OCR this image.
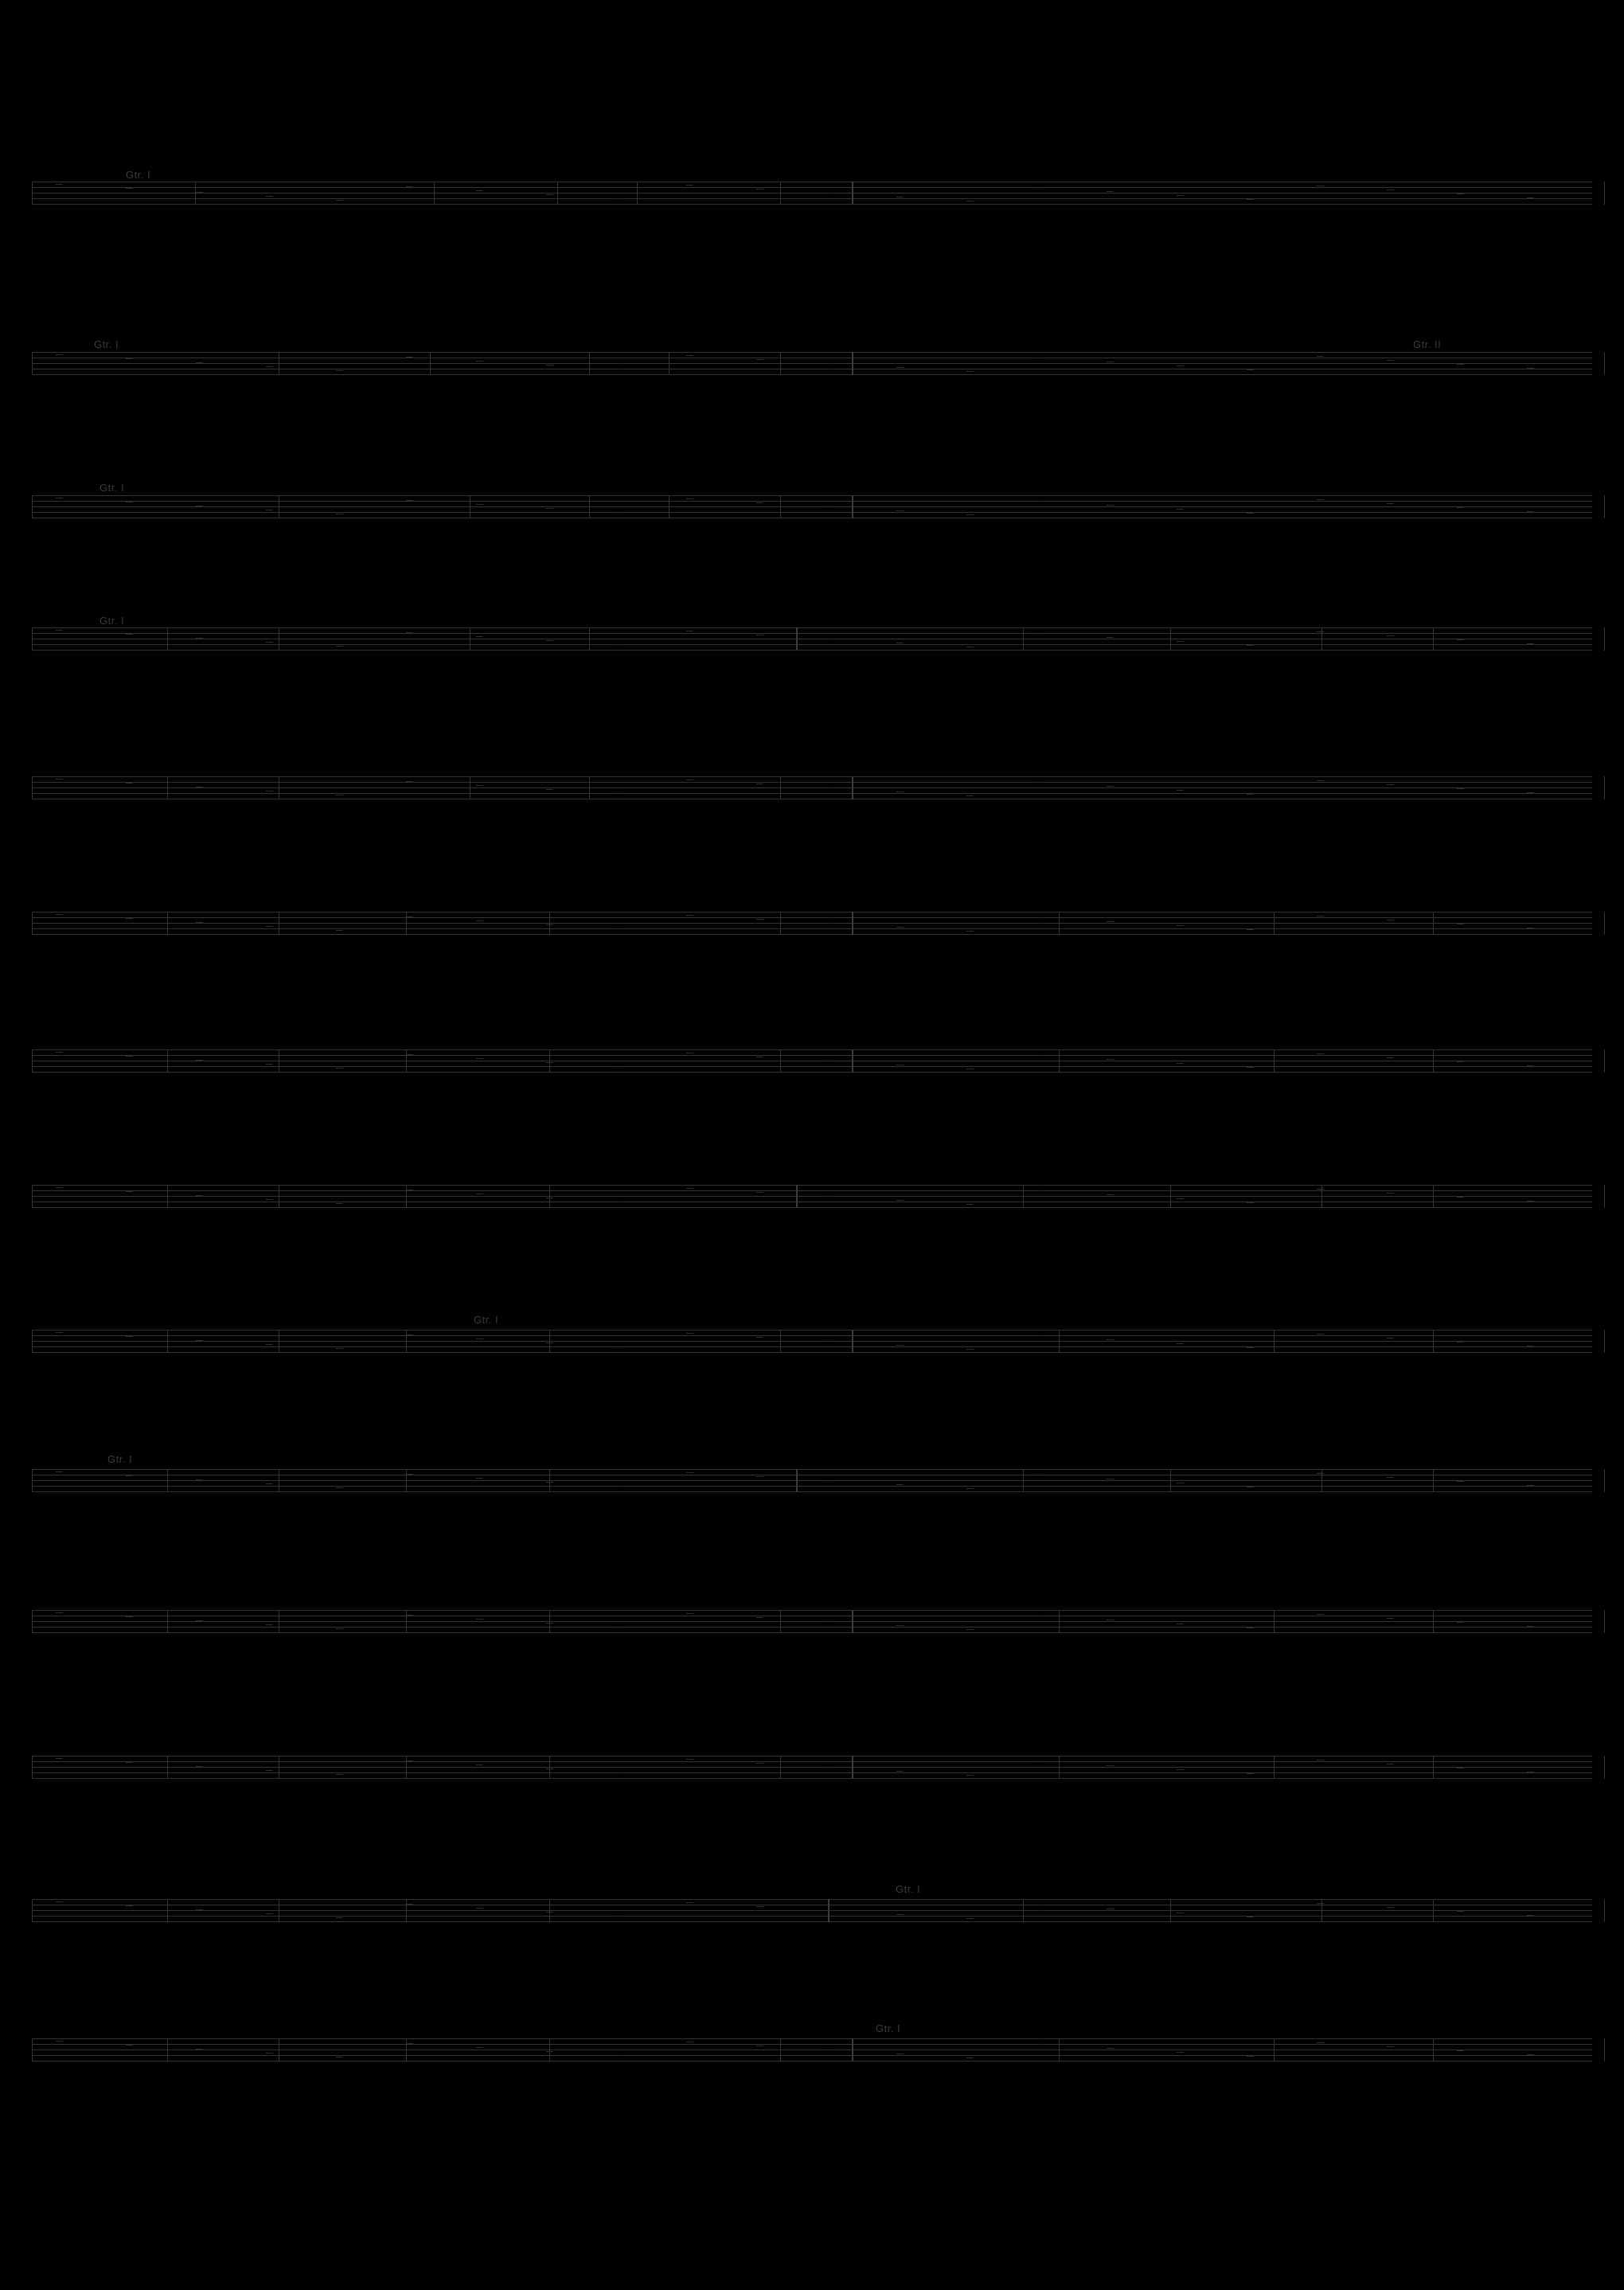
Gtr. I
Gtr. I	Gtr. II
Gtr. I
Gtr. I
Gtr. I
Gtr. I
Gtr. I
Gtr. I
